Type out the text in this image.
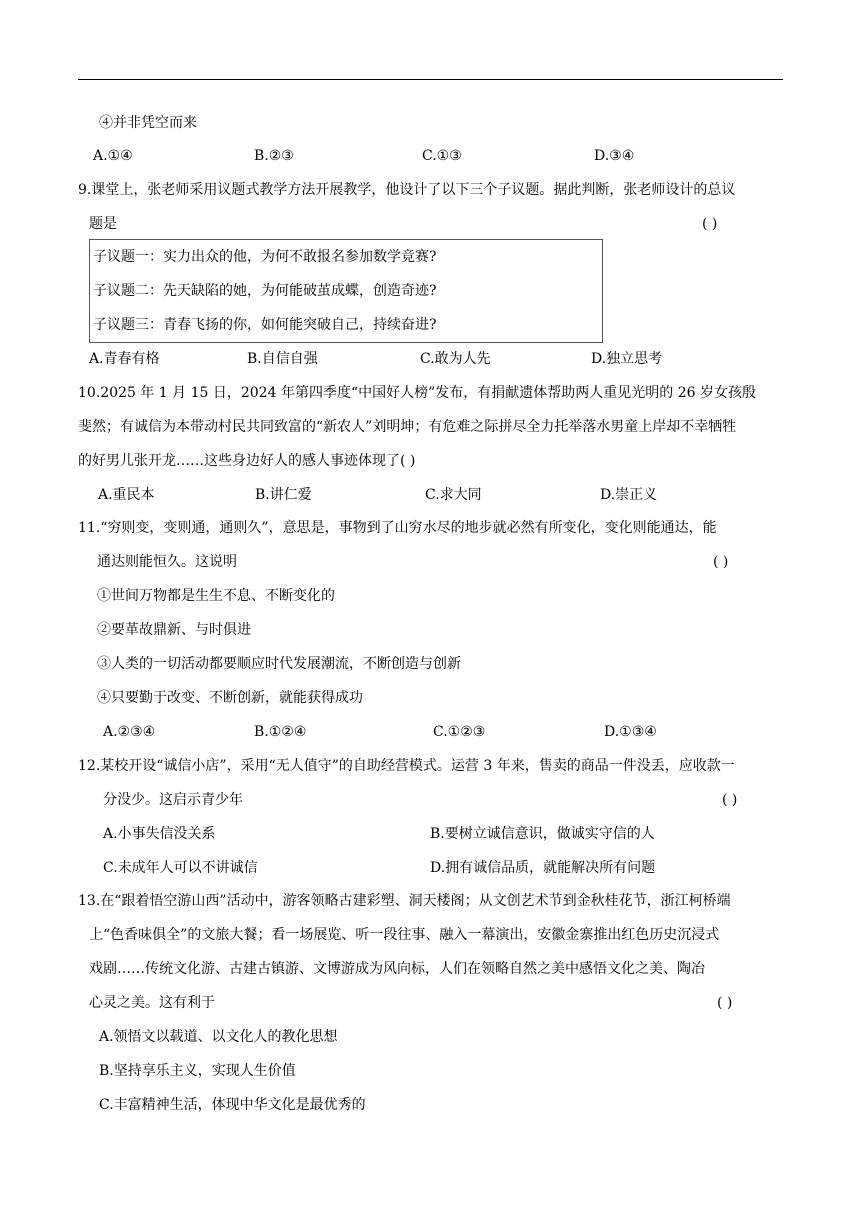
④并非凭空而来
A.①④	B.②③	C.①③	D.③④
9.课堂上，张老师采用议题式教学方法开展教学，他设计了以下三个子议题。据此判断，张老师设计的总议
题是	( )
子议题一：实力出众的他，为何不敢报名参加数学竞赛?
子议题二：先天缺陷的她，为何能破茧成蝶，创造奇迹?
子议题三：青春飞扬的你，如何能突破自己，持续奋进?
A.青春有格	B.自信自强	C.敢为人先	D.独立思考
10.2025 年 1 月 15 日，2024 年第四季度“中国好人榜”发布，有捐献遗体帮助两人重见光明的 26 岁女孩殷
斐然；有诚信为本带动村民共同致富的“新农人”刘明坤；有危难之际拼尽全力托举落水男童上岸却不幸牺牲
的好男儿张开龙……这些身边好人的感人事迹体现了( )
A.重民本	B.讲仁爱	C.求大同	D.崇正义
11.“穷则变，变则通，通则久”，意思是，事物到了山穷水尽的地步就必然有所变化，变化则能通达，能
通达则能恒久。这说明	( )
①世间万物都是生生不息、不断变化的
②要革故鼎新、与时俱进
③人类的一切活动都要顺应时代发展潮流，不断创造与创新
④只要勤于改变、不断创新，就能获得成功
A.②③④	B.①②④	C.①②③	D.①③④
12.某校开设“诚信小店”，采用“无人值守”的自助经营模式。运营 3 年来，售卖的商品一件没丢，应收款一
分没少。这启示青少年	( )
A.小事失信没关系	B.要树立诚信意识，做诚实守信的人
C.未成年人可以不讲诚信	D.拥有诚信品质，就能解决所有问题
13.在“跟着悟空游山西”活动中，游客领略古建彩塑、洞天楼阁；从文创艺术节到金秋桂花节，浙江柯桥端
上“色香味俱全”的文旅大餐；看一场展览、听一段往事、融入一幕演出，安徽金寨推出红色历史沉浸式
戏剧……传统文化游、古建古镇游、文博游成为风向标，人们在领略自然之美中感悟文化之美、陶冶
心灵之美。这有利于	( )
A.领悟文以载道、以文化人的教化思想
B.坚持享乐主义，实现人生价值
C.丰富精神生活，体现中华文化是最优秀的
